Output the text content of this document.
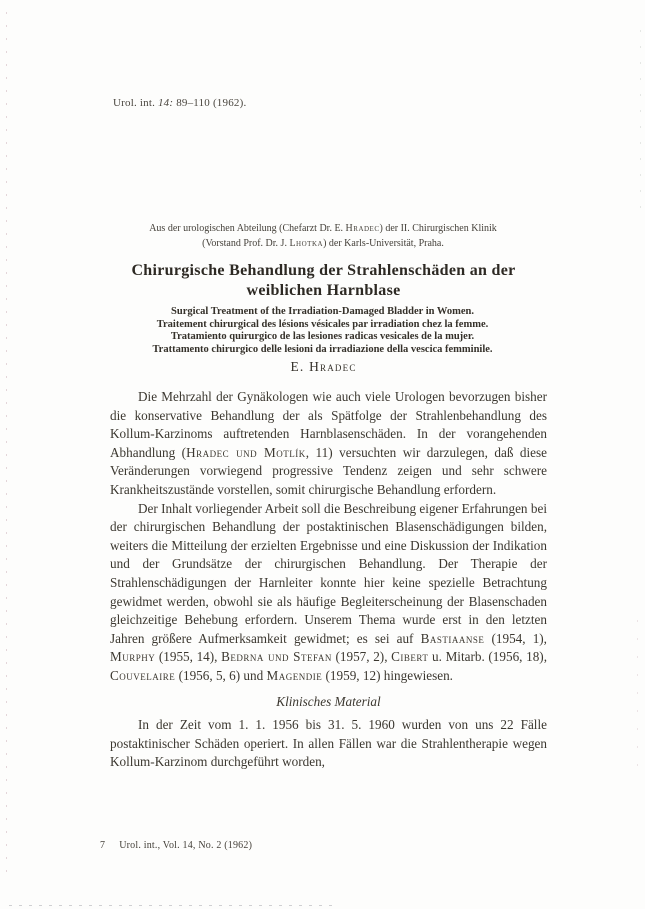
Urol. int. 14: 89–110 (1962).
Aus der urologischen Abteilung (Chefarzt Dr. E. Hradec) der II. Chirurgischen Klinik
(Vorstand Prof. Dr. J. Lhotka) der Karls-Universität, Praha.
Chirurgische Behandlung der Strahlenschäden an der
weiblichen Harnblase
Surgical Treatment of the Irradiation-Damaged Bladder in Women.
Traitement chirurgical des lésions vésicales par irradiation chez la femme.
Tratamiento quirurgico de las lesiones radicas vesicales de la mujer.
Trattamento chirurgico delle lesioni da irradiazione della vescica femminile.
E. Hradec

Die Mehrzahl der Gynäkologen wie auch viele Urologen bevorzugen bisher die konservative Behandlung der als Spätfolge der Strahlenbehandlung des Kollum-Karzinoms auftretenden Harnblasenschäden. In der vorangehenden Abhandlung (Hradec und Motlík, 11) versuchten wir darzulegen, daß diese Veränderungen vorwiegend progressive Tendenz zeigen und sehr schwere Krankheitszustände vorstellen, somit chirurgische Behandlung erfordern.

Der Inhalt vorliegender Arbeit soll die Beschreibung eigener Erfahrungen bei der chirurgischen Behandlung der postaktinischen Blasenschädigungen bilden, weiters die Mitteilung der erzielten Ergebnisse und eine Diskussion der Indikation und der Grundsätze der chirurgischen Behandlung. Der Therapie der Strahlenschädigungen der Harnleiter konnte hier keine spezielle Betrachtung gewidmet werden, obwohl sie als häufige Begleiterscheinung der Blasenschaden gleichzeitige Behebung erfordern. Unserem Thema wurde erst in den letzten Jahren größere Aufmerksamkeit gewidmet; es sei auf Bastiaanse (1954, 1), Murphy (1955, 14), Bedrna und Stefan (1957, 2), Cibert u. Mitarb. (1956, 18), Couvelaire (1956, 5, 6) und Magendie (1959, 12) hingewiesen.

Klinisches Material

In der Zeit vom 1. 1. 1956 bis 31. 5. 1960 wurden von uns 22 Fälle postaktinischer Schäden operiert. In allen Fällen war die Strahlentherapie wegen Kollum-Karzinom durchgeführt worden,

7 Urol. int., Vol. 14, No. 2 (1962)
